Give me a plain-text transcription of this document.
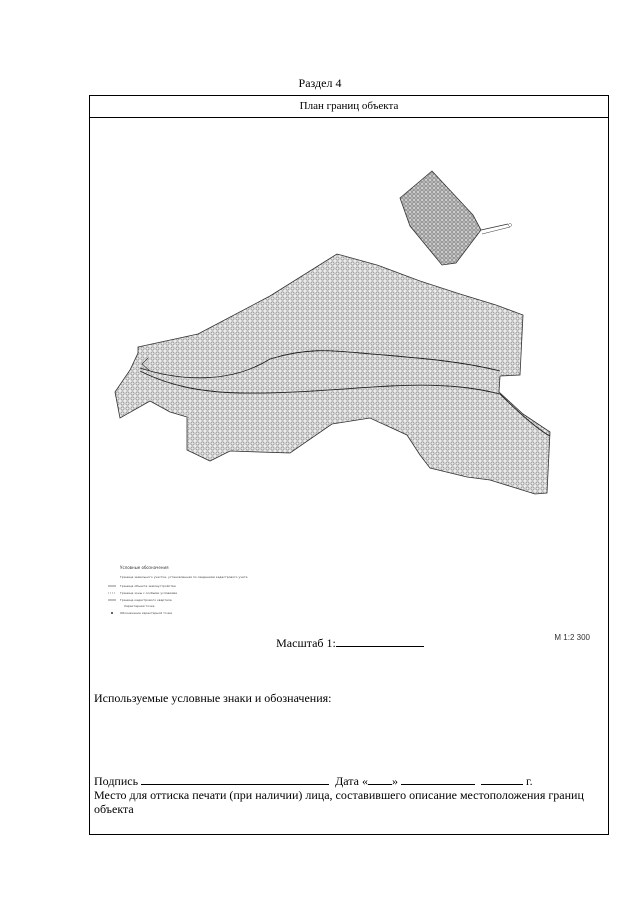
Раздел 4
План границ объекта
Условные обозначения
Граница земельного участка, установленная по сведениям кадастрового учета
Граница объекта землеустройства
Граница зоны с особыми условиями
Граница кадастрового квартала
Характерная точка
Обозначение характерной точки
М 1:2 300
Масштаб 1:
Используемые условные знаки и обозначения:
Подпись	Дата « »	г.
Место для оттиска печати (при наличии) лица, составившего описание местоположения границ объекта
